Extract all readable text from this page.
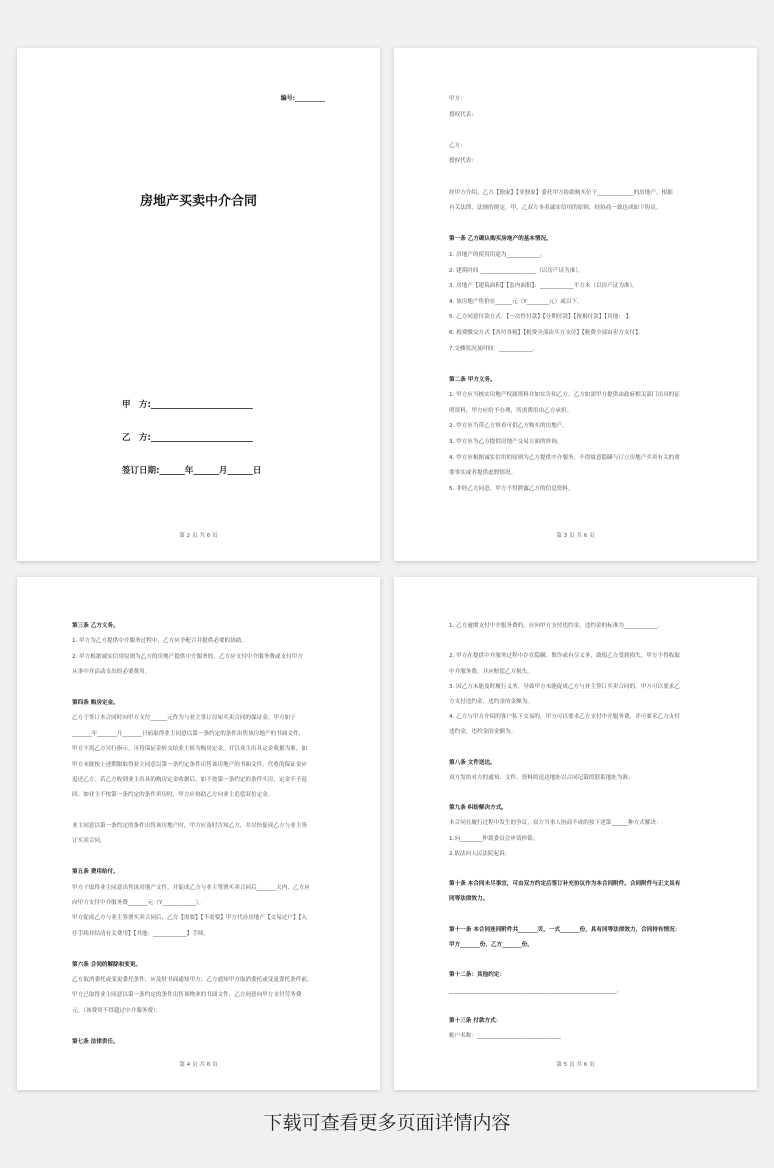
编号:__________
房地产买卖中介合同
甲　方:________________________
乙　方:________________________
签订日期:______年______月______日
第 2 页 共 6 页
甲方:
授权代表:
乙方:
授权代表:
经甲方介绍，乙方【独家】【非独家】委托甲方协助购买位于_____________的房地产，根据
有关法律、法规的规定，甲、乙双方本着诚实信用的原则，经协商一致达成如下协议。
第一条 乙方确认购买房地产的基本情况。
1. 房地产的使用用途为____________。
2. 建筑时间 ____________________（以房产证为准）。
3. 房地产【建筑面积】【套内面积】：____________平方米（以房产证为准）。
4. 该房地产售价在______元（Y________元）或以下。
5. 乙方同意付款方式：【一次性付款】【分期付款】【按揭付款】【其他： 】。
6. 税费缴交方式【各付各税】【税费全部由买方支付】【税费全部由卖方支付】。
7.交楼状况及时间：____________。
第二条 甲方义务。
1. 甲方应当核实房地产权属资料并如实告知乙方，乙方如需甲方提供由政府相关部门出具的证
明资料，甲方应给予办理，所需费用由乙方承担。
2. 甲方应当带乙方察看可供乙方购买的房地产。
3. 甲方应为乙方提供房地产交易方面的咨询。
4. 甲方应根据诚实信用的原则为乙方提供中介服务，不得故意隐瞒与订立房地产买卖有关的重
要事实或者提供虚假情况。
5. 非经乙方同意，甲方不得泄露乙方的信息资料。
第 3 页 共 6 页
第三条 乙方义务。
1. 甲方为乙方提供中介服务过程中，乙方应予配合并提供必要的协助。
2. 甲方根据诚实信用原则为乙方的房地产提供中介服务的，乙方应支付中介服务费或支付甲方
从事中介活动支出的必要费用。
第四条 购房定金。
乙方于签订本合同时向甲方支付______元作为与业主签订房屋买卖合同的保证金。甲方如于
_______年_______月_______日前取得业主同意以第一条约定的条件出售该房地产的书面文件，
甲方不需乙方另行指示，可将保证金转交给业主转为购房定金，并以业主出具定金收据为准。如
甲方未能按上述期限取得业主同意以第一条约定条件出售该房地产的书面文件，代收的保证金应
退还乙方。若乙方收到业主出具的购房定金收据后，如不按第一条约定的条件买房，定金不予退
回。如业主不按第一条约定的条件卖房时，甲方应协助乙方向业主追偿双倍定金。
业主同意以第一条约定的条件出售该房地产时，甲方应及时告知乙方，并尽快促成乙方与业主签
订买卖合同。
第五条 费用给付。
甲方于取得业主同意出售该房地产文件，并促成乙方与业主签署买卖合同后_______天内，乙方应
向甲方支付中介服务费_______元（Y____________）。
甲方促成乙方与业主签署买卖合同后，乙方【需要】【不需要】甲方代办房地产【交易过户】【入
住手续并结清有关费用】【其他：____________】手续。
第六条 合同的解除和变更。
乙方取消委托或变更委托条件，应及时书面通知甲方；乙方通知甲方取消委托或变更委托条件前，
甲方已取得业主同意以第一条约定的条件出售该物业的书面文件，乙方同意向甲方支付劳务费
元。（该费用不得超过中介服务费）。
第七条 法律责任。
第 4 页 共 6 页
1. 乙方逾期支付中介服务费的，应向甲方支付违约金，违约金的标准为____________。
2. 甲方在提供中介服务过程中存在隐瞒、欺诈或有尽义务，致使乙方受到损失，甲方不得收取
中介服务费，并应赔偿乙方损失。
3. 因乙方未能及时履行义务，导致甲方未能促成乙方与业主签订买卖合同的，甲方可以要求乙
方支付违约金，违约金的金额为。
4. 乙方与甲方介绍的客户私下交易的，甲方可以要求乙方支付中介服务费，并可要求乙方支付
违约金，违约金的金额为。
第八条 文件送达。
双方发给对方的通知、文件、资料的送达地址以合同记载的联系地址为准。
第九条 纠纷解决方式。
本合同在履行过程中发生的争议，双方当事人协商不成的按下述第______种方式解决：
1.向________仲裁委员会申请仲裁；
2.依法向人民法院起诉。
第十条 本合同未尽事宜，可由双方约定后签订补充协议作为本合同附件。合同附件与正文具有
同等法律效力。
第十一条 本合同连同附件共_______页，一式_______份，具有同等法律效力，合同持有情况：
甲方_______份，乙方_______份。
第十二条：其他约定：
____________________________________________________________。
第十三条 付款方式：
帐户名称：______________________________
第 5 页 共 6 页
下载可查看更多页面详情内容
